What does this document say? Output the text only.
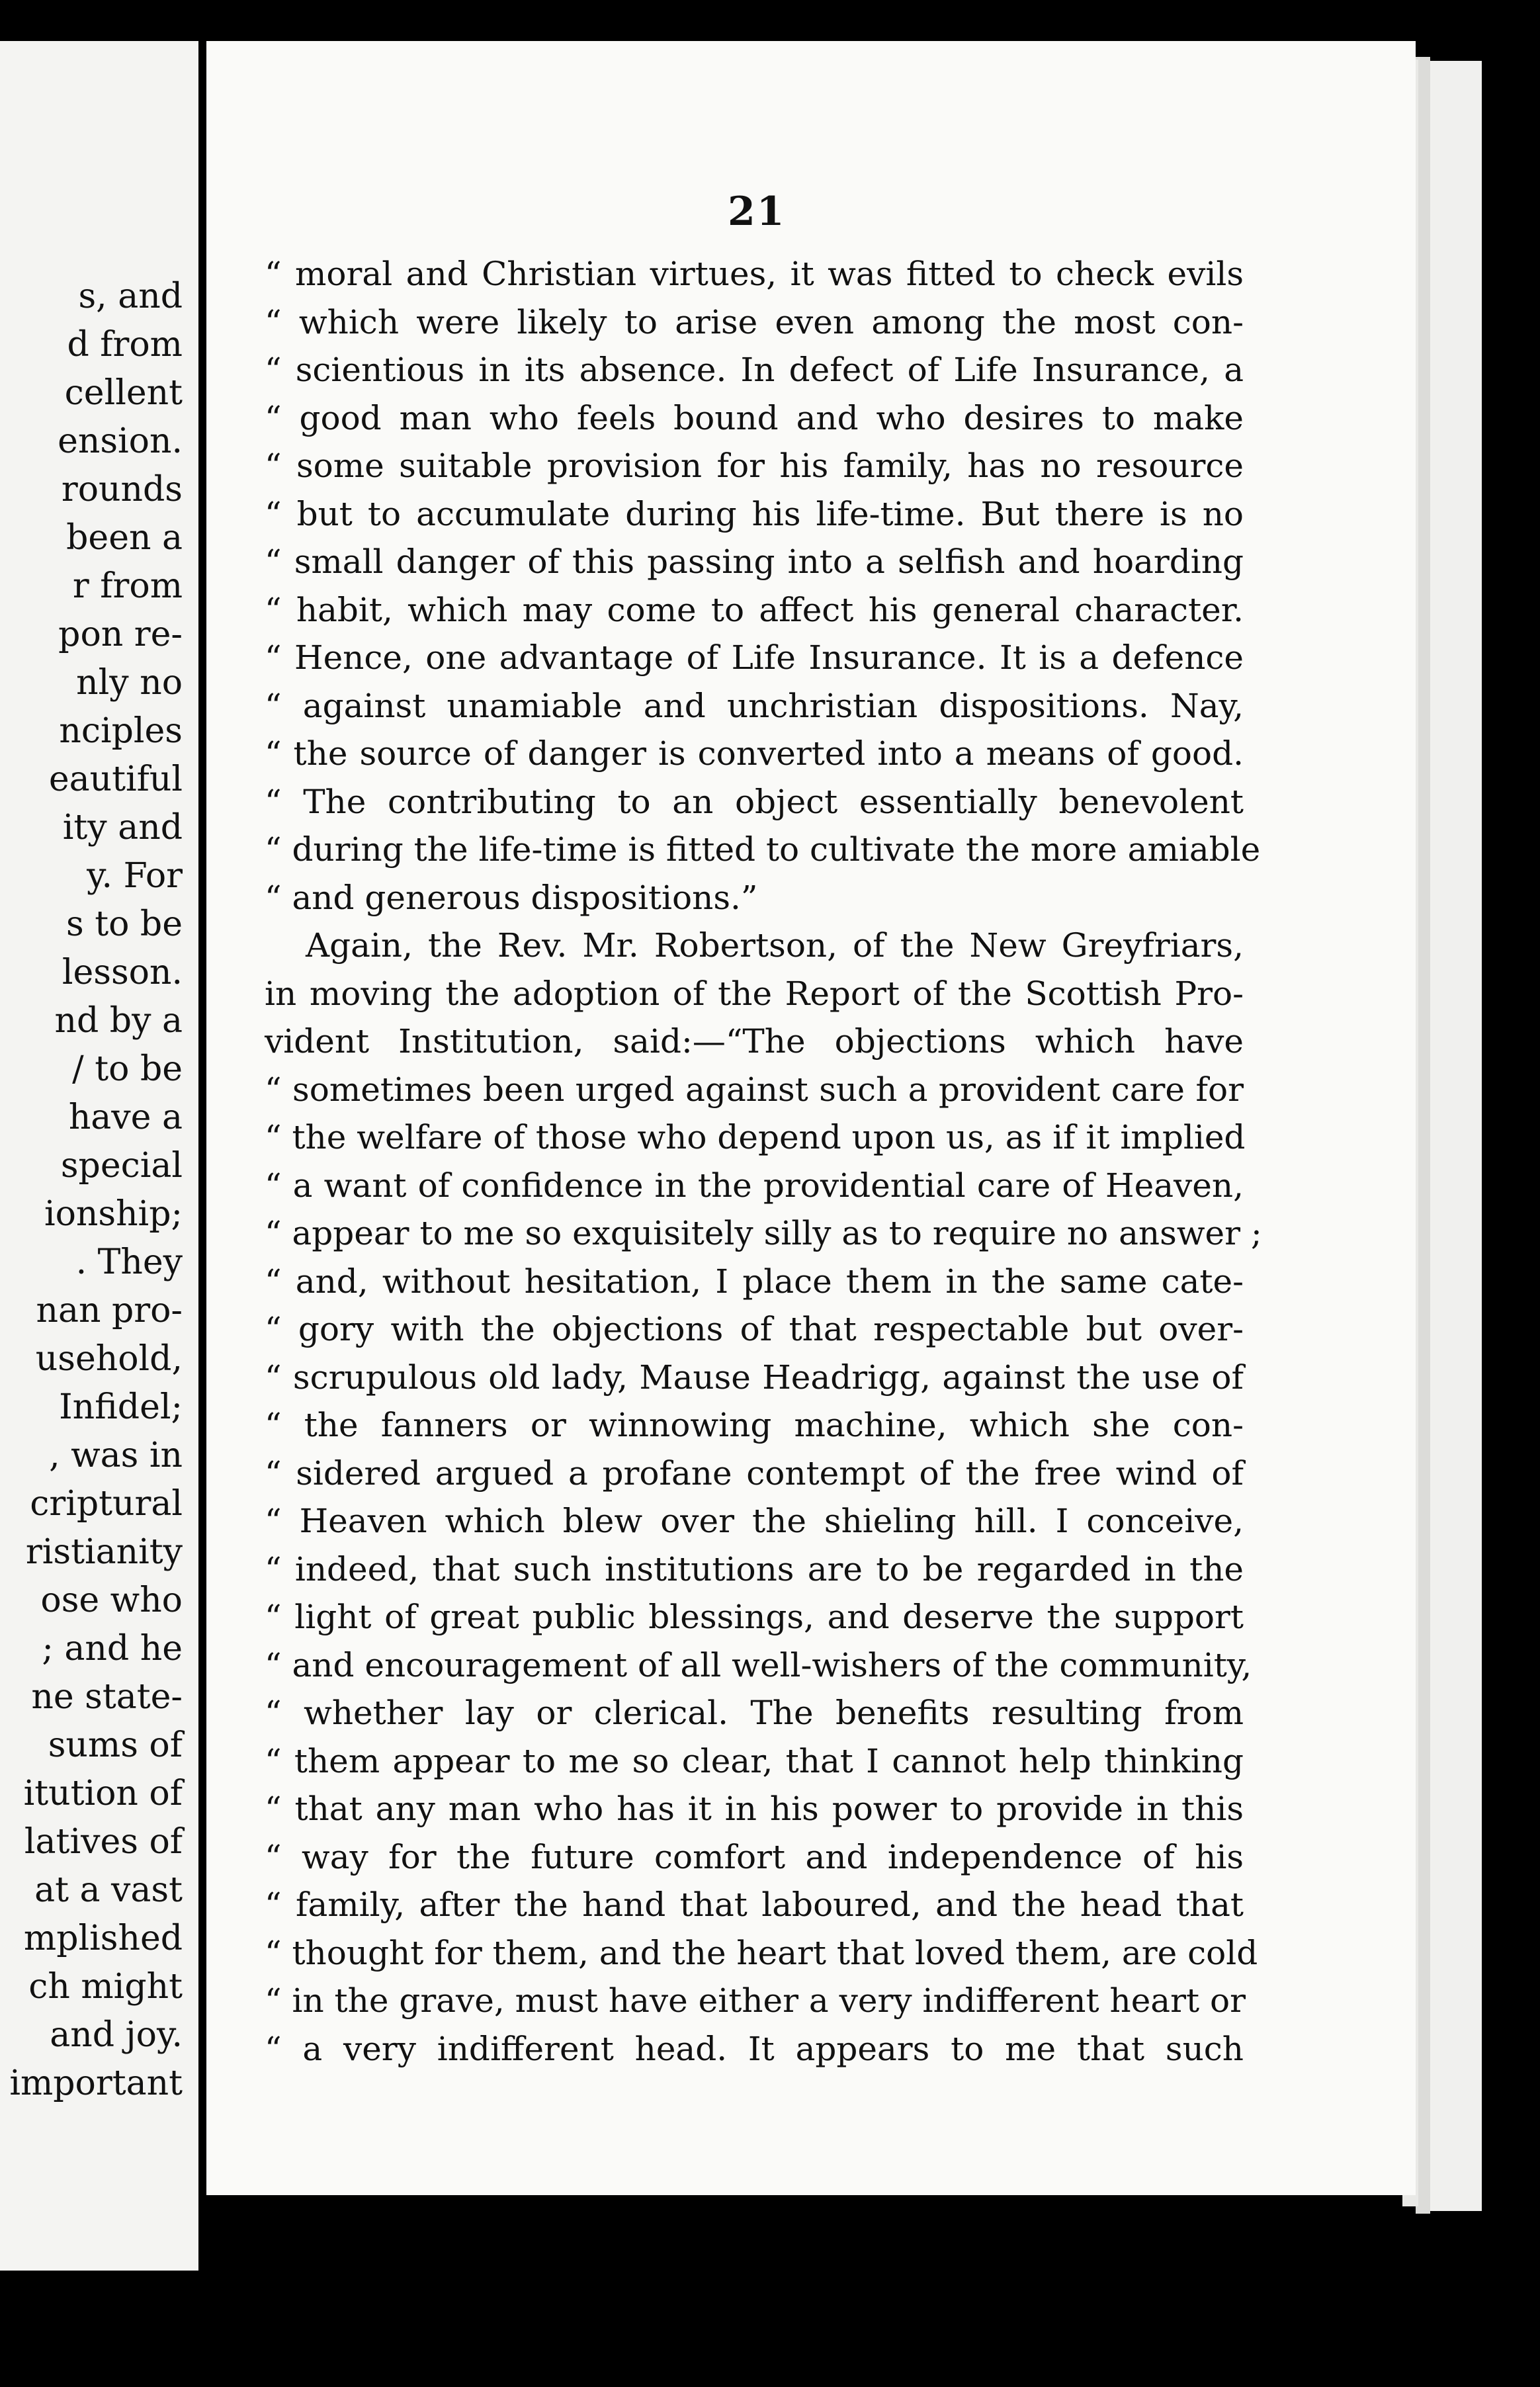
s, and
d from
cellent
ension.
rounds
been a
r from
pon re-
nly no
nciples
eautiful
ity and
y. For
s to be
lesson.
nd by a
/ to be
have a
special
ionship;
. They
nan pro-
usehold,
Infidel;
, was in
criptural
ristianity
ose who
; and he
ne state-
sums of
itution of
latives of
at a vast
mplished
ch might
and joy.
important
21
“ moral and Christian virtues, it was fitted to check evils
“ which were likely to arise even among the most con-
“ scientious in its absence. In defect of Life Insurance, a
“ good man who feels bound and who desires to make
“ some suitable provision for his family, has no resource
“ but to accumulate during his life-time. But there is no
“ small danger of this passing into a selfish and hoarding
“ habit, which may come to affect his general character.
“ Hence, one advantage of Life Insurance. It is a defence
“ against unamiable and unchristian dispositions. Nay,
“ the source of danger is converted into a means of good.
“ The contributing to an object essentially benevolent
“ during the life-time is fitted to cultivate the more amiable
“ and generous dispositions.”
Again, the Rev. Mr. Robertson, of the New Greyfriars,
in moving the adoption of the Report of the Scottish Pro-
vident Institution, said:—“The objections which have
“ sometimes been urged against such a provident care for
“ the welfare of those who depend upon us, as if it implied
“ a want of confidence in the providential care of Heaven,
“ appear to me so exquisitely silly as to require no answer ;
“ and, without hesitation, I place them in the same cate-
“ gory with the objections of that respectable but over-
“ scrupulous old lady, Mause Headrigg, against the use of
“ the fanners or winnowing machine, which she con-
“ sidered argued a profane contempt of the free wind of
“ Heaven which blew over the shieling hill. I conceive,
“ indeed, that such institutions are to be regarded in the
“ light of great public blessings, and deserve the support
“ and encouragement of all well-wishers of the community,
“ whether lay or clerical. The benefits resulting from
“ them appear to me so clear, that I cannot help thinking
“ that any man who has it in his power to provide in this
“ way for the future comfort and independence of his
“ family, after the hand that laboured, and the head that
“ thought for them, and the heart that loved them, are cold
“ in the grave, must have either a very indifferent heart or
“ a very indifferent head. It appears to me that such
